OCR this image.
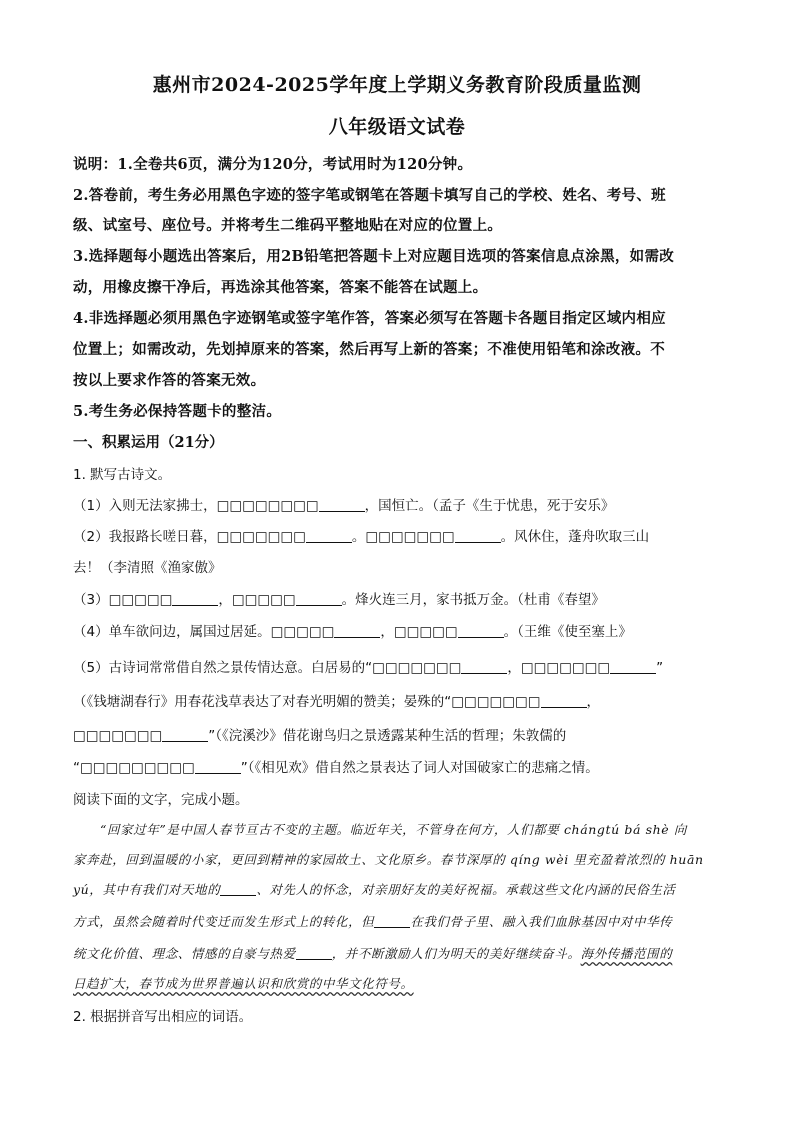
惠州市2024-2025学年度上学期义务教育阶段质量监测
八年级语文试卷
说明：1.全卷共6页，满分为120分，考试用时为120分钟。
2.答卷前，考生务必用黑色字迹的签字笔或钢笔在答题卡填写自己的学校、姓名、考号、班
级、试室号、座位号。并将考生二维码平整地贴在对应的位置上。
3.选择题每小题选出答案后，用2B铅笔把答题卡上对应题目选项的答案信息点涂黑，如需改
动，用橡皮擦干净后，再选涂其他答案，答案不能答在试题上。
4.非选择题必须用黑色字迹钢笔或签字笔作答，答案必须写在答题卡各题目指定区域内相应
位置上；如需改动，先划掉原来的答案，然后再写上新的答案；不准使用铅笔和涂改液。不
按以上要求作答的答案无效。
5.考生务必保持答题卡的整洁。
一、积累运用（21分）
1. 默写古诗文。
（1）入则无法家拂士，□□□□□□□□	，国恒亡。（孟子《生于忧患，死于安乐》
（2）我报路长嗟日暮，□□□□□□□	。□□□□□□□	。风休住，蓬舟吹取三山
去！（李清照《渔家傲》
（3）□□□□□	，□□□□□	。烽火连三月，家书抵万金。（杜甫《春望》
（4）单车欲问边，属国过居延。□□□□□	，□□□□□	。（王维《使至塞上》
（5）古诗词常常借自然之景传情达意。白居易的“□□□□□□□	，□□□□□□□	”
（《钱塘湖春行》用春花浅草表达了对春光明媚的赞美；晏殊的“□□□□□□□	，
□□□□□□□	”（《浣溪沙》借花谢鸟归之景透露某种生活的哲理；朱敦儒的
“□□□□□□□□□	”（《相见欢》借自然之景表达了词人对国破家亡的悲痛之情。
阅读下面的文字，完成小题。
“回家过年”是中国人春节亘古不变的主题。临近年关，不管身在何方，人们都要 chángtú bá shè 向
家奔赴，回到温暖的小家，更回到精神的家园故土、文化原乡。春节深厚的 qíng wèi 里充盈着浓烈的 huān
yú，其中有我们对天地的	、对先人的怀念，对亲朋好友的美好祝福。承载这些文化内涵的民俗生活
方式，虽然会随着时代变迁而发生形式上的转化，但	在我们骨子里、融入我们血脉基因中对中华传
统文化价值、理念、情感的自豪与热爱	，并不断激励人们为明天的美好继续奋斗。海外传播范围的
日趋扩大，春节成为世界普遍认识和欣赏的中华文化符号。
2. 根据拼音写出相应的词语。
